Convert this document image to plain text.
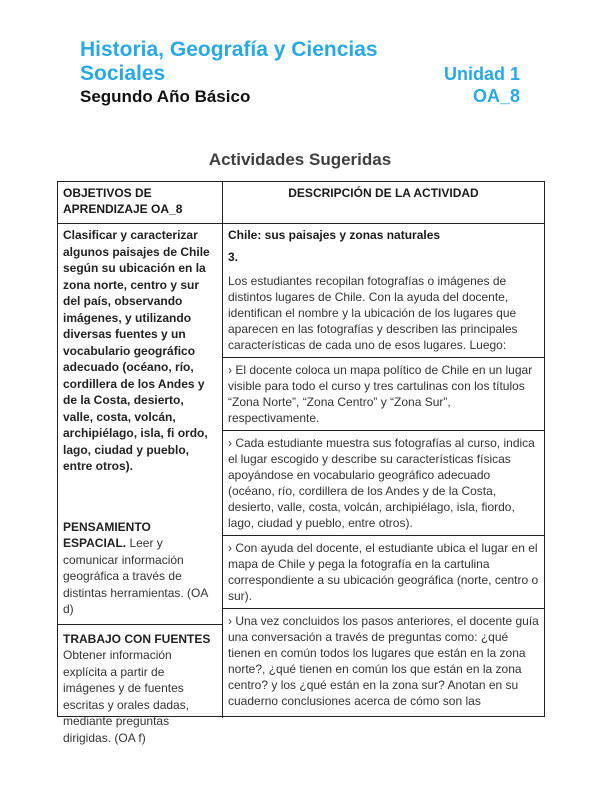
Historia, Geografía y Ciencias
Sociales	Unidad 1
Segundo Año Básico	OA_8
Actividades Sugeridas
OBJETIVOS DE APRENDIZAJE OA_8
DESCRIPCIÓN DE LA ACTIVIDAD
Clasificar y caracterizar algunos paisajes de Chile según su ubicación en la zona norte, centro y sur del país, observando imágenes, y utilizando diversas fuentes y un vocabulario geográfico adecuado (océano, río, cordillera de los Andes y de la Costa, desierto, valle, costa, volcán, archipiélago, isla, fi ordo, lago, ciudad y pueblo, entre otros).
PENSAMIENTO ESPACIAL. Leer y comunicar información geográfica a través de distintas herramientas. (OA d)
TRABAJO CON FUENTES
Obtener información explícita a partir de imágenes y de fuentes escritas y orales dadas, mediante preguntas dirigidas. (OA f)
Chile: sus paisajes y zonas naturales
3.
Los estudiantes recopilan fotografías o imágenes de distintos lugares de Chile. Con la ayuda del docente, identifican el nombre y la ubicación de los lugares que aparecen en las fotografías y describen las principales características de cada uno de esos lugares. Luego:
› El docente coloca un mapa político de Chile en un lugar visible para todo el curso y tres cartulinas con los títulos “Zona Norte”, “Zona Centro” y “Zona Sur”, respectivamente.
› Cada estudiante muestra sus fotografías al curso, indica el lugar escogido y describe su características físicas apoyándose en vocabulario geográfico adecuado (océano, río, cordillera de los Andes y de la Costa, desierto, valle, costa, volcán, archipiélago, isla, fiordo, lago, ciudad y pueblo, entre otros).
› Con ayuda del docente, el estudiante ubica el lugar en el mapa de Chile y pega la fotografía en la cartulina correspondiente a su ubicación geográfica (norte, centro o sur).
› Una vez concluidos los pasos anteriores, el docente guía una conversación a través de preguntas como: ¿qué tienen en común todos los lugares que están en la zona norte?, ¿qué tienen en común los que están en la zona centro? y los ¿qué están en la zona sur? Anotan en su cuaderno conclusiones acerca de cómo son las
